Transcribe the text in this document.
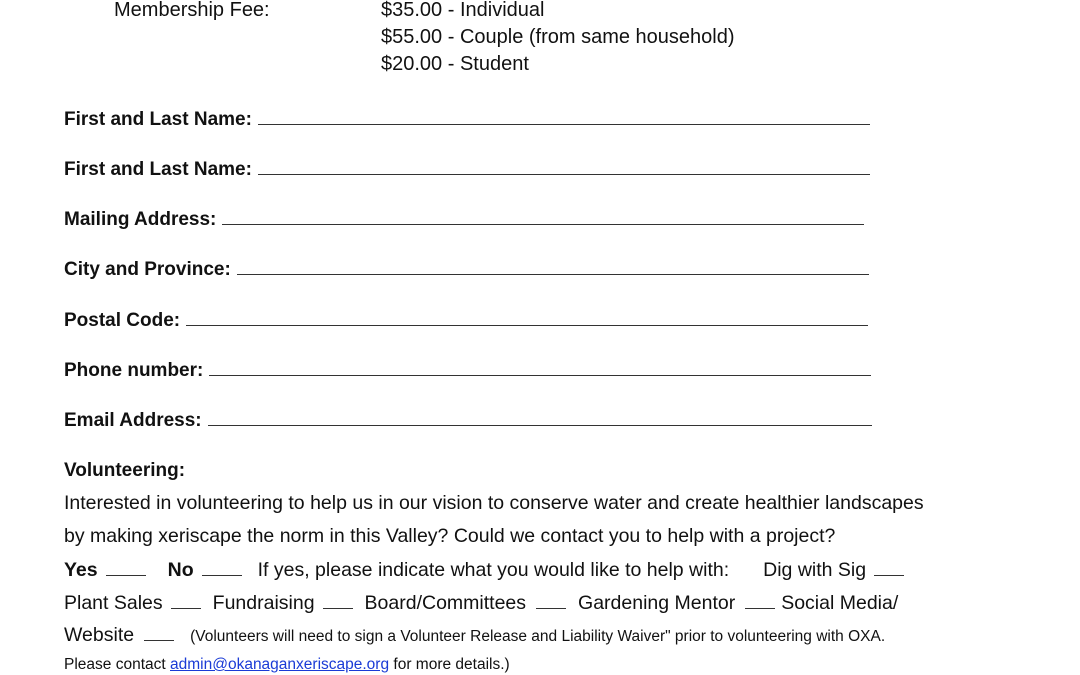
Membership Fee:	$35.00 - Individual
$55.00 - Couple (from same household)
$20.00 - Student
First and Last Name:
First and Last Name:
Mailing Address:
City and Province:
Postal Code:
Phone number:
Email Address:
Volunteering:
Interested in volunteering to help us in our vision to conserve water and create healthier landscapes
by making xeriscape the norm in this Valley? Could we contact you to help with a project?
Yes	No	If yes, please indicate what you would like to help with: Dig with Sig
Plant Sales	Fundraising	Board/Committees	Gardening Mentor Social Media/
Website	(Volunteers will need to sign a Volunteer Release and Liability Waiver" prior to volunteering with OXA.
Please contact admin@okanaganxeriscape.org for more details.)
